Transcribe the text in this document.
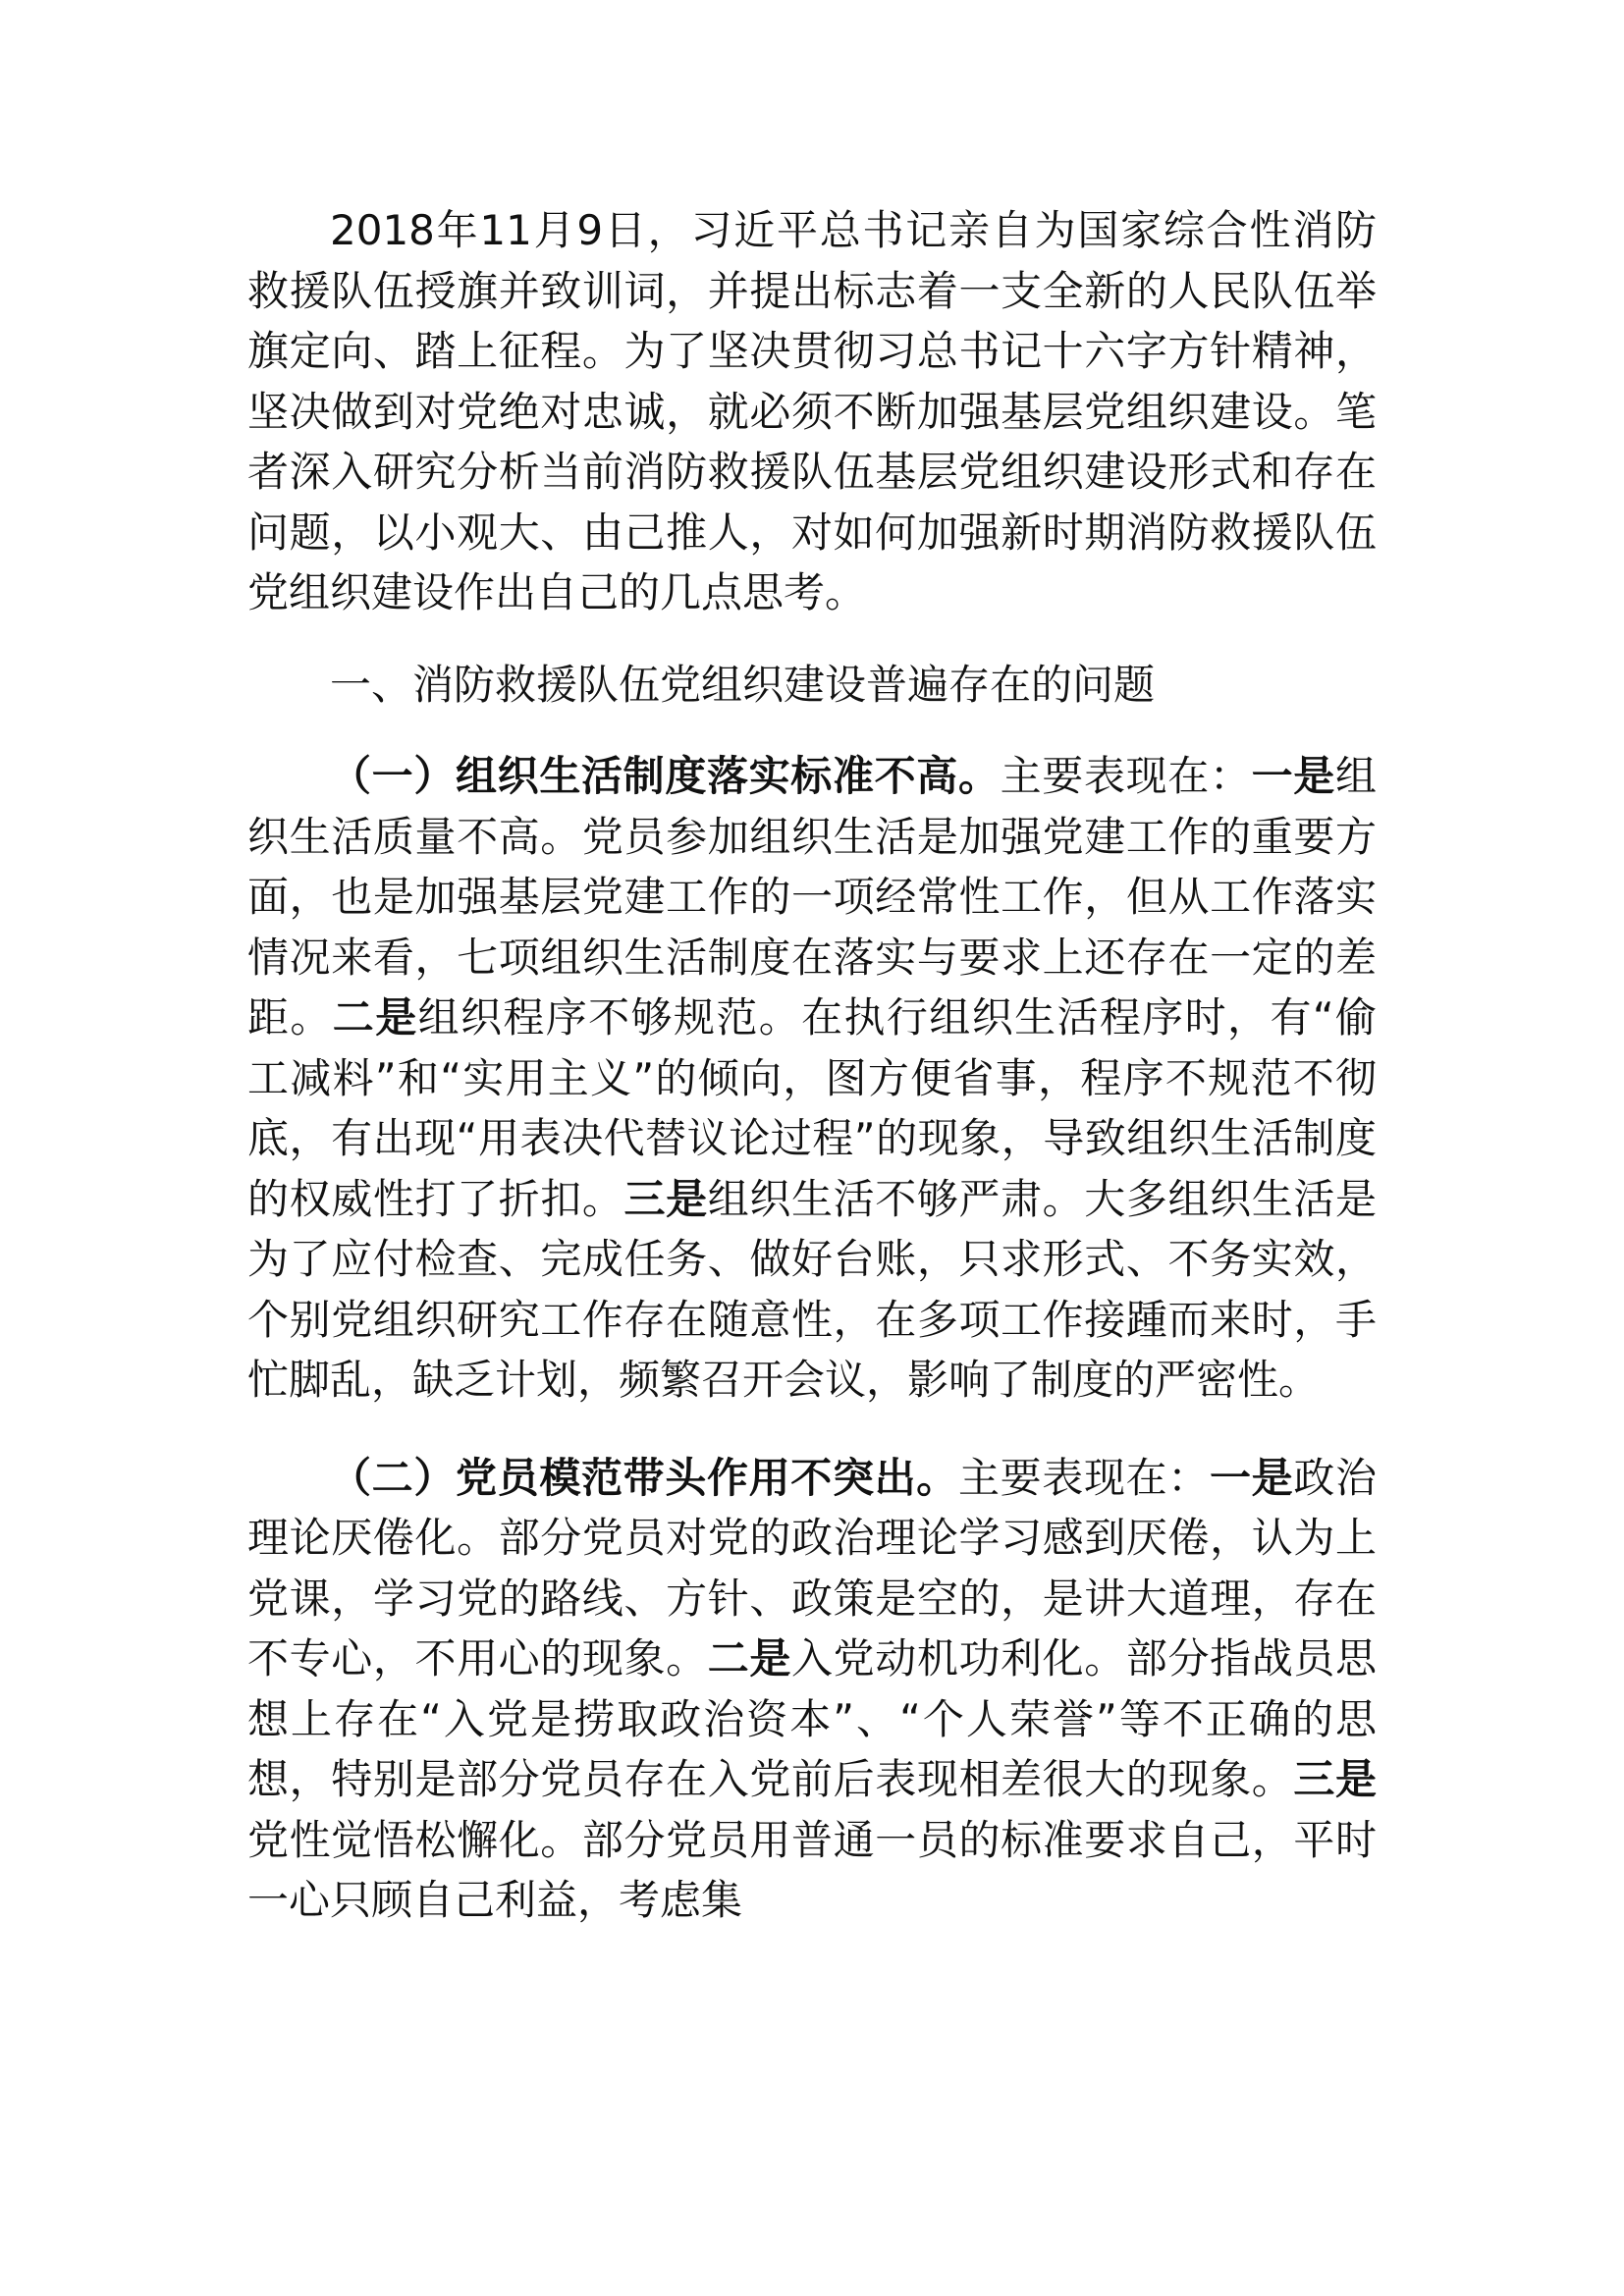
2018年11月9日，习近平总书记亲自为国家综合性消防救援队伍授旗并致训词，并提出标志着一支全新的人民队伍举旗定向、踏上征程。为了坚决贯彻习总书记十六字方针精神，坚决做到对党绝对忠诚，就必须不断加强基层党组织建设。笔者深入研究分析当前消防救援队伍基层党组织建设形式和存在问题，以小观大、由己推人，对如何加强新时期消防救援队伍党组织建设作出自己的几点思考。

一、消防救援队伍党组织建设普遍存在的问题

（一）组织生活制度落实标准不高。主要表现在：一是组织生活质量不高。党员参加组织生活是加强党建工作的重要方面，也是加强基层党建工作的一项经常性工作，但从工作落实情况来看，七项组织生活制度在落实与要求上还存在一定的差距。二是组织程序不够规范。在执行组织生活程序时，有“偷工减料”和“实用主义”的倾向，图方便省事，程序不规范不彻底，有出现“用表决代替议论过程”的现象，导致组织生活制度的权威性打了折扣。三是组织生活不够严肃。大多组织生活是为了应付检查、完成任务、做好台账，只求形式、不务实效，个别党组织研究工作存在随意性，在多项工作接踵而来时，手忙脚乱，缺乏计划，频繁召开会议，影响了制度的严密性。

（二）党员模范带头作用不突出。主要表现在：一是政治理论厌倦化。部分党员对党的政治理论学习感到厌倦，认为上党课，学习党的路线、方针、政策是空的，是讲大道理，存在不专心，不用心的现象。二是入党动机功利化。部分指战员思想上存在“入党是捞取政治资本”、“个人荣誉”等不正确的思想，特别是部分党员存在入党前后表现相差很大的现象。三是党性觉悟松懈化。部分党员用普通一员的标准要求自己，平时一心只顾自己利益，考虑集
